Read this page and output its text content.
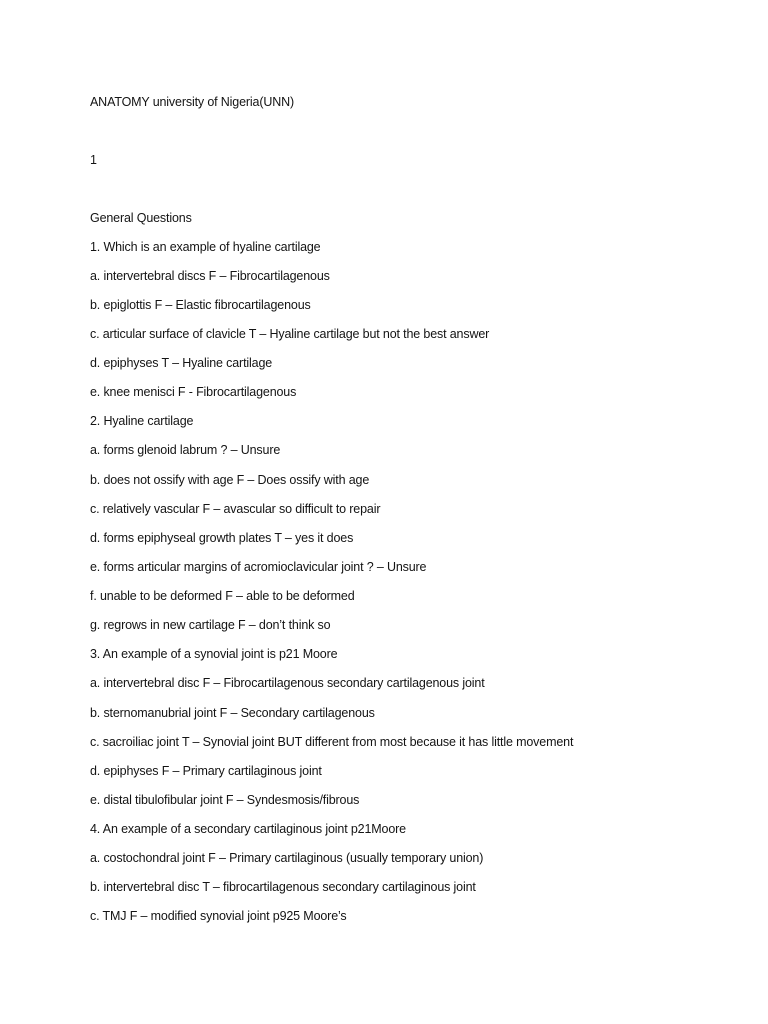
ANATOMY university of Nigeria(UNN)
1
General Questions
1. Which is an example of hyaline cartilage
a. intervertebral discs F – Fibrocartilagenous
b. epiglottis F – Elastic fibrocartilagenous
c. articular surface of clavicle T – Hyaline cartilage but not the best answer
d. epiphyses T – Hyaline cartilage
e. knee menisci F - Fibrocartilagenous
2. Hyaline cartilage
a. forms glenoid labrum ? – Unsure
b. does not ossify with age F – Does ossify with age
c. relatively vascular F – avascular so difficult to repair
d. forms epiphyseal growth plates T – yes it does
e. forms articular margins of acromioclavicular joint ? – Unsure
f. unable to be deformed F – able to be deformed
g. regrows in new cartilage F – don’t think so
3. An example of a synovial joint is p21 Moore
a. intervertebral disc F – Fibrocartilagenous secondary cartilagenous joint
b. sternomanubrial joint F – Secondary cartilagenous
c. sacroiliac joint T – Synovial joint BUT different from most because it has little movement
d. epiphyses F – Primary cartilaginous joint
e. distal tibulofibular joint F – Syndesmosis/fibrous
4. An example of a secondary cartilaginous joint p21Moore
a. costochondral joint F – Primary cartilaginous (usually temporary union)
b. intervertebral disc T – fibrocartilagenous secondary cartilaginous joint
c. TMJ F – modified synovial joint p925 Moore’s
